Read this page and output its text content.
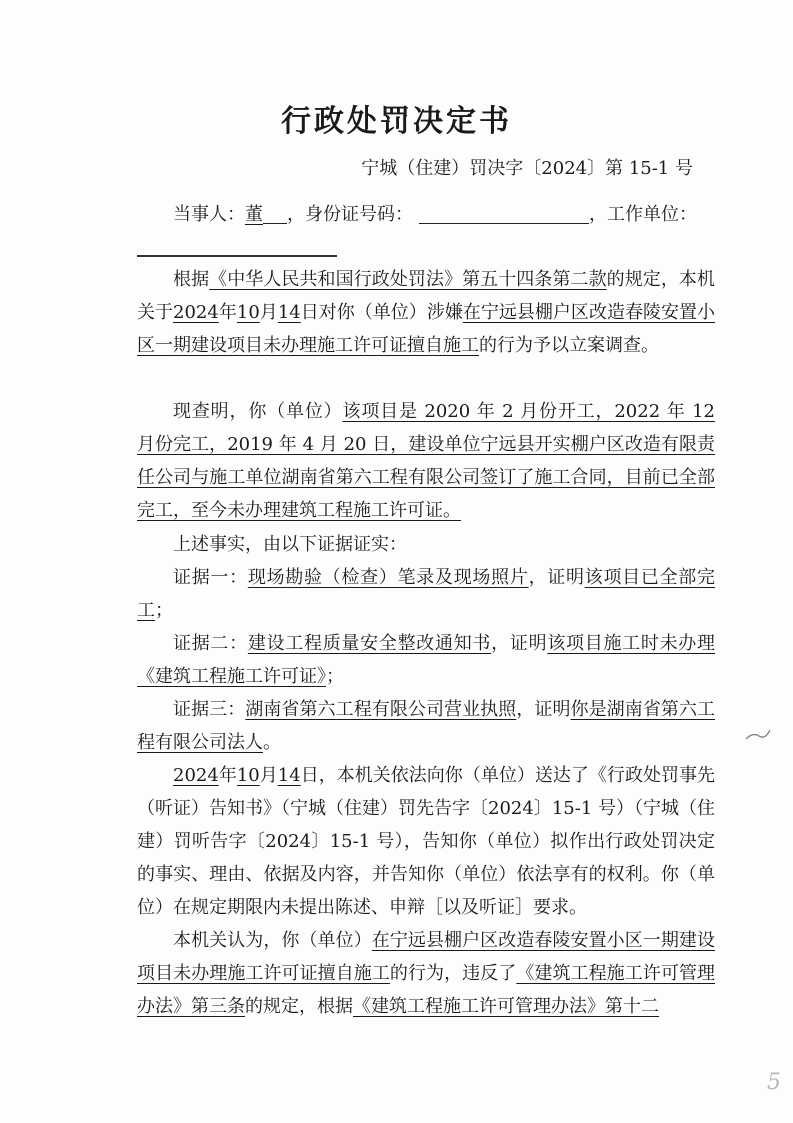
行政处罚决定书
宁城（住建）罚决字〔2024〕第 15-1 号

当事人：董 ，身份证号码：	，工作单位：

根据《中华人民共和国行政处罚法》第五十四条第二款的规定，本机关于2024年10月14日对你（单位）涉嫌在宁远县棚户区改造春陵安置小区一期建设项目未办理施工许可证擅自施工的行为予以立案调查。

现查明，你（单位）该项目是 2020 年 2 月份开工，2022 年 12 月份完工，2019 年 4 月 20 日，建设单位宁远县开实棚户区改造有限责任公司与施工单位湖南省第六工程有限公司签订了施工合同，目前已全部完工，至今未办理建筑工程施工许可证。

上述事实，由以下证据证实：

证据一：现场勘验（检查）笔录及现场照片，证明该项目已全部完工；

证据二：建设工程质量安全整改通知书，证明该项目施工时未办理《建筑工程施工许可证》；

证据三：湖南省第六工程有限公司营业执照，证明你是湖南省第六工程有限公司法人。

2024年10月14日，本机关依法向你（单位）送达了《行政处罚事先（听证）告知书》（宁城（住建）罚先告字〔2024〕15-1 号）（宁城（住建）罚听告字〔2024〕15-1 号），告知你（单位）拟作出行政处罚决定的事实、理由、依据及内容，并告知你（单位）依法享有的权利。你（单位）在规定期限内未提出陈述、申辩［以及听证］要求。

本机关认为，你（单位）在宁远县棚户区改造春陵安置小区一期建设项目未办理施工许可证擅自施工的行为，违反了《建筑工程施工许可管理办法》第三条的规定，根据《建筑工程施工许可管理办法》第十二

5
